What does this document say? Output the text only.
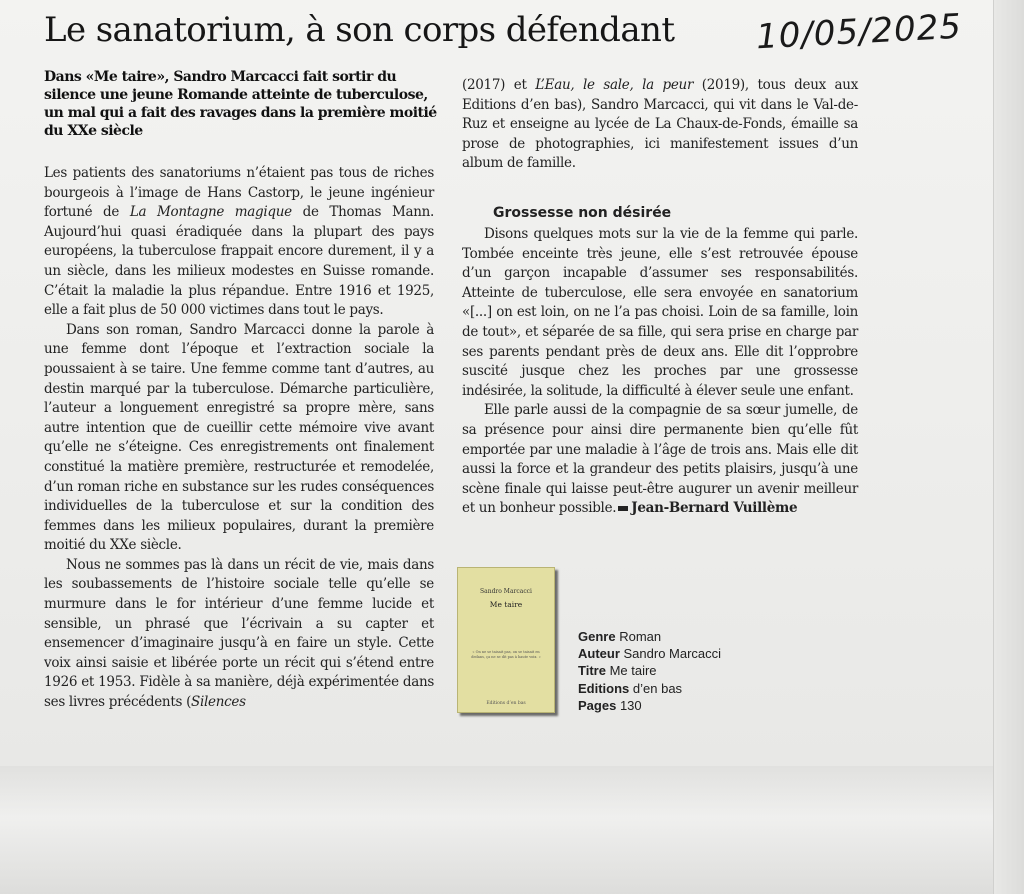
Le sanatorium, à son corps défendant 10/05/2025

Dans «Me taire», Sandro Marcacci fait sortir du silence une jeune Romande atteinte de tuberculose, un mal qui a fait des ravages dans la première moitié du XXe siècle

Les patients des sanatoriums n’étaient pas tous de riches bourgeois à l’image de Hans Castorp, le jeune ingénieur fortuné de La Montagne magique de Thomas Mann. Aujourd’hui quasi éradiquée dans la plupart des pays européens, la tuberculose frappait encore durement, il y a un siècle, dans les milieux modestes en Suisse romande. C’était la maladie la plus répandue. Entre 1916 et 1925, elle a fait plus de 50 000 victimes dans tout le pays.

Dans son roman, Sandro Marcacci donne la parole à une femme dont l’époque et l’extraction sociale la poussaient à se taire. Une femme comme tant d’autres, au destin marqué par la tuberculose. Démarche particulière, l’auteur a longuement enregistré sa propre mère, sans autre intention que de cueillir cette mémoire vive avant qu’elle ne s’éteigne. Ces enregistrements ont finalement constitué la matière première, restructurée et remodelée, d’un roman riche en substance sur les rudes conséquences individuelles de la tuberculose et sur la condition des femmes dans les milieux populaires, durant la première moitié du XXe siècle.

Nous ne sommes pas là dans un récit de vie, mais dans les soubassements de l’histoire sociale telle qu’elle se murmure dans le for intérieur d’une femme lucide et sensible, un phrasé que l’écrivain a su capter et ensemencer d’imaginaire jusqu’à en faire un style. Cette voix ainsi saisie et libérée porte un récit qui s’étend entre 1926 et 1953. Fidèle à sa manière, déjà expérimentée dans ses livres précédents (Silences

(2017) et L’Eau, le sale, la peur (2019), tous deux aux Editions d’en bas), Sandro Marcacci, qui vit dans le Val-de-Ruz et enseigne au lycée de La Chaux-de-Fonds, émaille sa prose de photographies, ici manifestement issues d’un album de famille.

Grossesse non désirée

Disons quelques mots sur la vie de la femme qui parle. Tombée enceinte très jeune, elle s’est retrouvée épouse d’un garçon incapable d’assumer ses responsabilités. Atteinte de tuberculose, elle sera envoyée en sanatorium «[...] on est loin, on ne l’a pas choisi. Loin de sa famille, loin de tout», et séparée de sa fille, qui sera prise en charge par ses parents pendant près de deux ans. Elle dit l’opprobre suscité jusque chez les proches par une grossesse indésirée, la solitude, la difficulté à élever seule une enfant.

Elle parle aussi de la compagnie de sa sœur jumelle, de sa présence pour ainsi dire permanente bien qu’elle fût emportée par une maladie à l’âge de trois ans. Mais elle dit aussi la force et la grandeur des petits plaisirs, jusqu’à une scène finale qui laisse peut-être augurer un avenir meilleur et un bonheur possible. Jean-Bernard Vuillème

Sandro Marcacci
Me taire
« On ne se taisait pas, on se taisait en dedans, ça ne se dit pas à haute voix. »
Editions d’en bas
Genre Roman
Auteur Sandro Marcacci
Titre Me taire
Editions d’en bas
Pages 130
